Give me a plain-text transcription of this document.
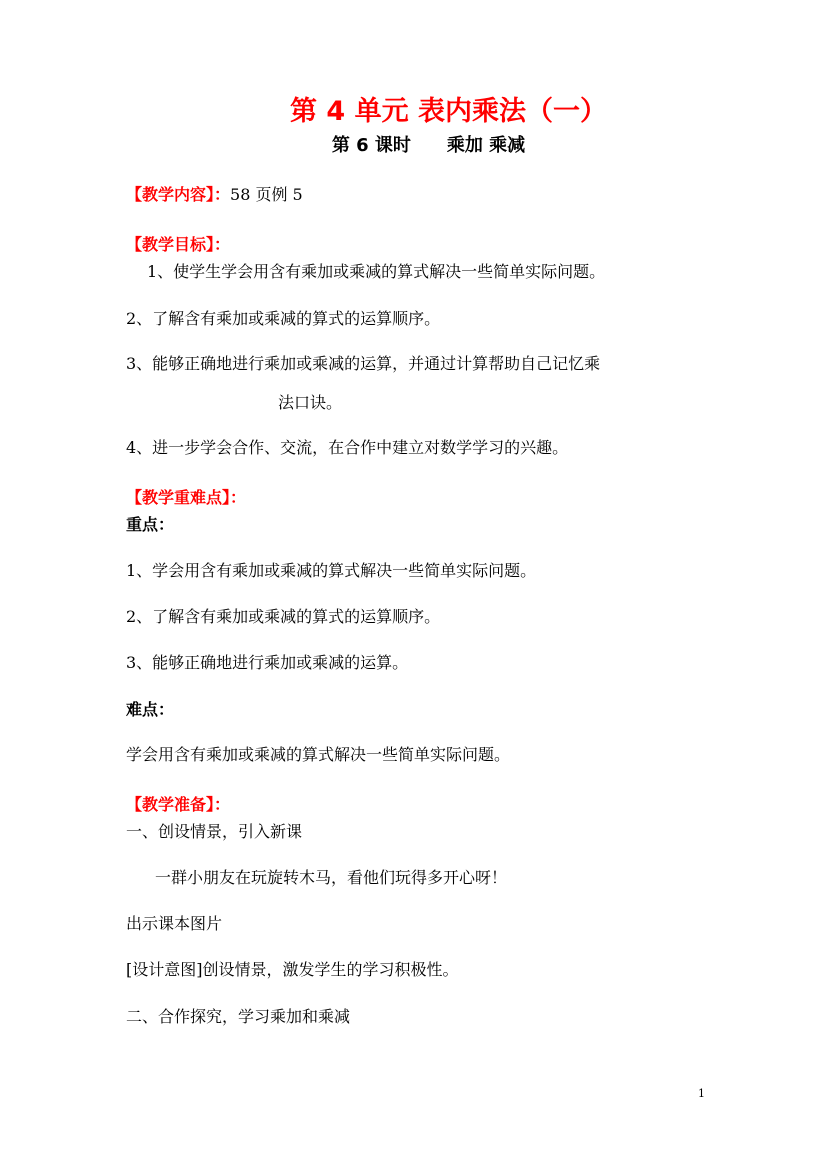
第 4 单元 表内乘法（一）
第 6 课时 乘加 乘减
【教学内容】：58 页例 5
【教学目标】：
1、使学生学会用含有乘加或乘减的算式解决一些简单实际问题。
2、了解含有乘加或乘减的算式的运算顺序。
3、能够正确地进行乘加或乘减的运算，并通过计算帮助自己记忆乘
法口诀。
4、进一步学会合作、交流，在合作中建立对数学学习的兴趣。
【教学重难点】：
重点：
1、学会用含有乘加或乘减的算式解决一些简单实际问题。
2、了解含有乘加或乘减的算式的运算顺序。
3、能够正确地进行乘加或乘减的运算。
难点：
学会用含有乘加或乘减的算式解决一些简单实际问题。
【教学准备】：
一、创设情景，引入新课
一群小朋友在玩旋转木马，看他们玩得多开心呀！
出示课本图片
[设计意图]创设情景，激发学生的学习积极性。
二、合作探究，学习乘加和乘减
1
